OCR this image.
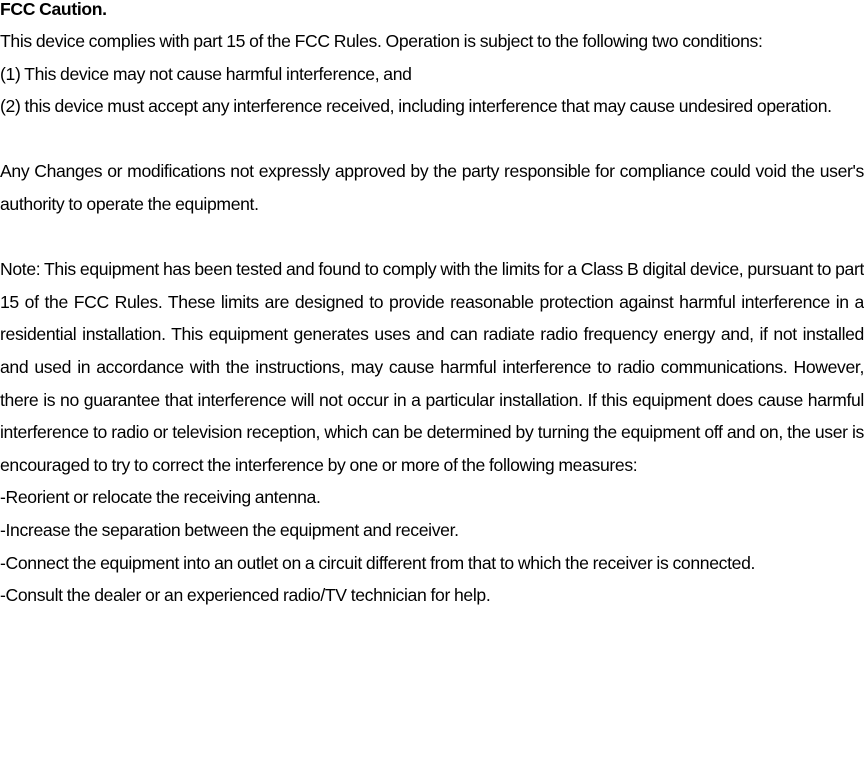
FCC Caution.

This device complies with part 15 of the FCC Rules. Operation is subject to the following two conditions:

(1) This device may not cause harmful interference, and

(2) this device must accept any interference received, including interference that may cause undesired operation.

Any Changes or modifications not expressly approved by the party responsible for compliance could void the user's authority to operate the equipment.

Note: This equipment has been tested and found to comply with the limits for a Class B digital device, pursuant to part 15 of the FCC Rules. These limits are designed to provide reasonable protection against harmful interference in a residential installation. This equipment generates uses and can radiate radio frequency energy and, if not installed and used in accordance with the instructions, may cause harmful interference to radio communications. However, there is no guarantee that interference will not occur in a particular installation. If this equipment does cause harmful interference to radio or television reception, which can be determined by turning the equipment off and on, the user is encouraged to try to correct the interference by one or more of the following measures:

-Reorient or relocate the receiving antenna.

-Increase the separation between the equipment and receiver.

-Connect the equipment into an outlet on a circuit different from that to which the receiver is connected.

-Consult the dealer or an experienced radio/TV technician for help.
